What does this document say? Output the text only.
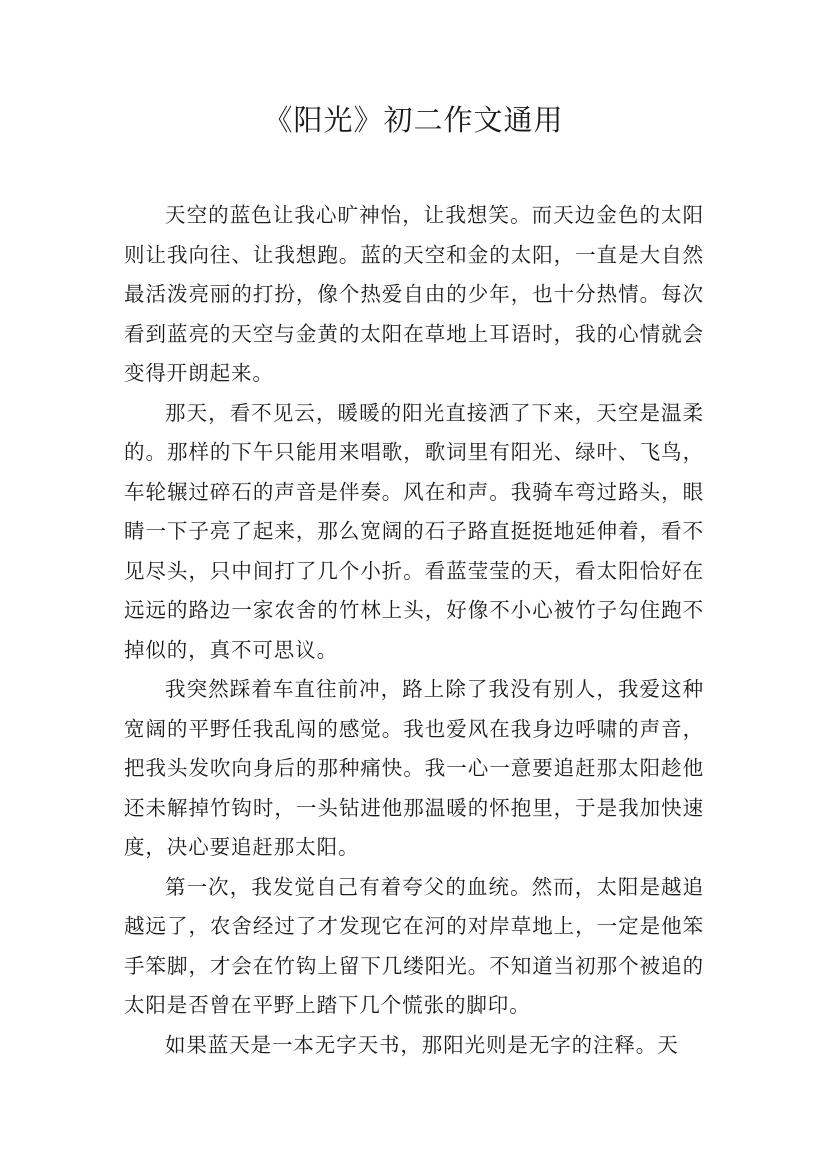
《阳光》初二作文通用

天空的蓝色让我心旷神怡，让我想笑。而天边金色的太阳则让我向往、让我想跑。蓝的天空和金的太阳，一直是大自然最活泼亮丽的打扮，像个热爱自由的少年，也十分热情。每次看到蓝亮的天空与金黄的太阳在草地上耳语时，我的心情就会变得开朗起来。

那天，看不见云，暖暖的阳光直接洒了下来，天空是温柔的。那样的下午只能用来唱歌，歌词里有阳光、绿叶、飞鸟，车轮辗过碎石的声音是伴奏。风在和声。我骑车弯过路头，眼睛一下子亮了起来，那么宽阔的石子路直挺挺地延伸着，看不见尽头，只中间打了几个小折。看蓝莹莹的天，看太阳恰好在远远的路边一家农舍的竹林上头，好像不小心被竹子勾住跑不掉似的，真不可思议。

我突然踩着车直往前冲，路上除了我没有别人，我爱这种宽阔的平野任我乱闯的感觉。我也爱风在我身边呼啸的声音，把我头发吹向身后的那种痛快。我一心一意要追赶那太阳趁他还未解掉竹钩时，一头钻进他那温暖的怀抱里，于是我加快速度，决心要追赶那太阳。

第一次，我发觉自己有着夸父的血统。然而，太阳是越追越远了，农舍经过了才发现它在河的对岸草地上，一定是他笨手笨脚，才会在竹钩上留下几缕阳光。不知道当初那个被追的太阳是否曾在平野上踏下几个慌张的脚印。

如果蓝天是一本无字天书，那阳光则是无字的注释。天
